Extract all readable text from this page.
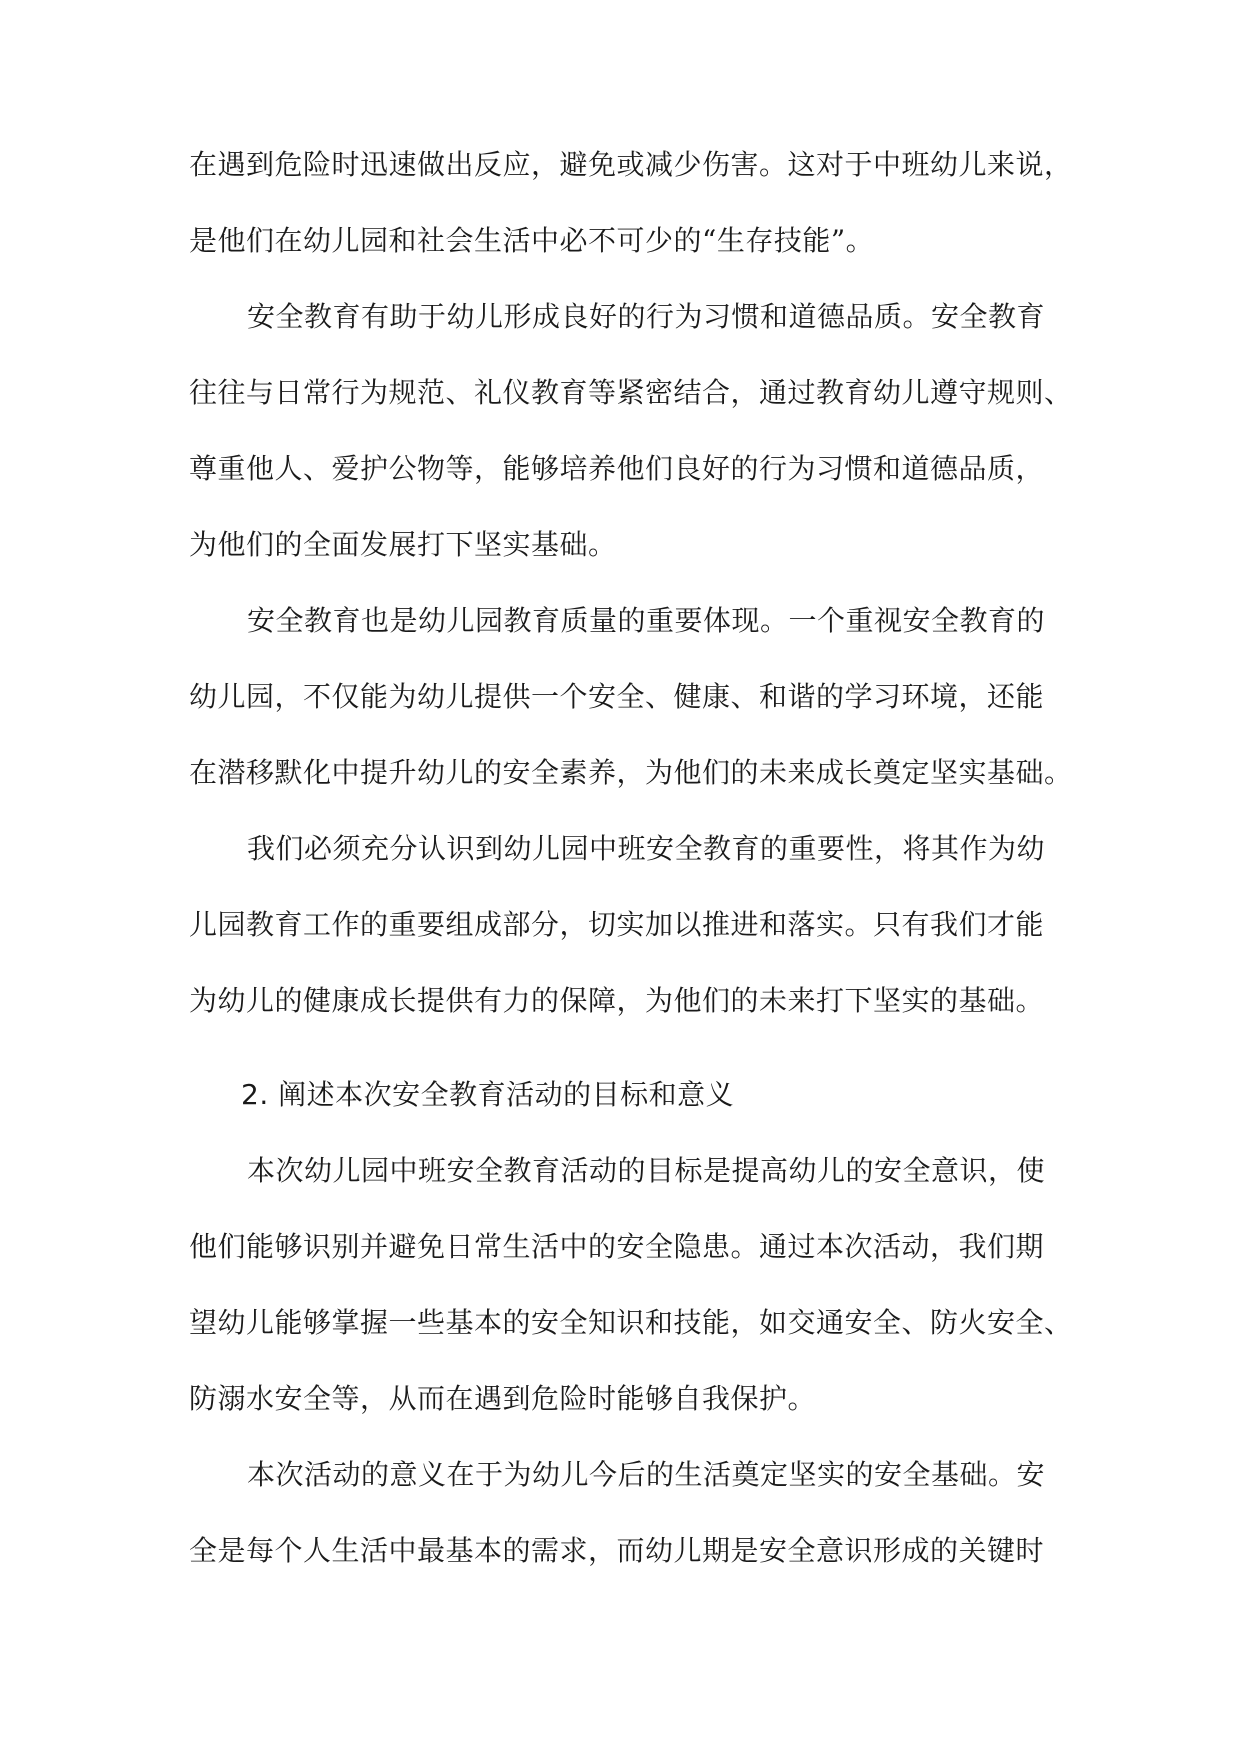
在遇到危险时迅速做出反应，避免或减少伤害。这对于中班幼儿来说，
是他们在幼儿园和社会生活中必不可少的“生存技能”。
安全教育有助于幼儿形成良好的行为习惯和道德品质。安全教育
往往与日常行为规范、礼仪教育等紧密结合，通过教育幼儿遵守规则、
尊重他人、爱护公物等，能够培养他们良好的行为习惯和道德品质，
为他们的全面发展打下坚实基础。
安全教育也是幼儿园教育质量的重要体现。一个重视安全教育的
幼儿园，不仅能为幼儿提供一个安全、健康、和谐的学习环境，还能
在潜移默化中提升幼儿的安全素养，为他们的未来成长奠定坚实基础。
我们必须充分认识到幼儿园中班安全教育的重要性，将其作为幼
儿园教育工作的重要组成部分，切实加以推进和落实。只有我们才能
为幼儿的健康成长提供有力的保障，为他们的未来打下坚实的基础。
2. 阐述本次安全教育活动的目标和意义
本次幼儿园中班安全教育活动的目标是提高幼儿的安全意识，使
他们能够识别并避免日常生活中的安全隐患。通过本次活动，我们期
望幼儿能够掌握一些基本的安全知识和技能，如交通安全、防火安全、
防溺水安全等，从而在遇到危险时能够自我保护。
本次活动的意义在于为幼儿今后的生活奠定坚实的安全基础。安
全是每个人生活中最基本的需求，而幼儿期是安全意识形成的关键时
